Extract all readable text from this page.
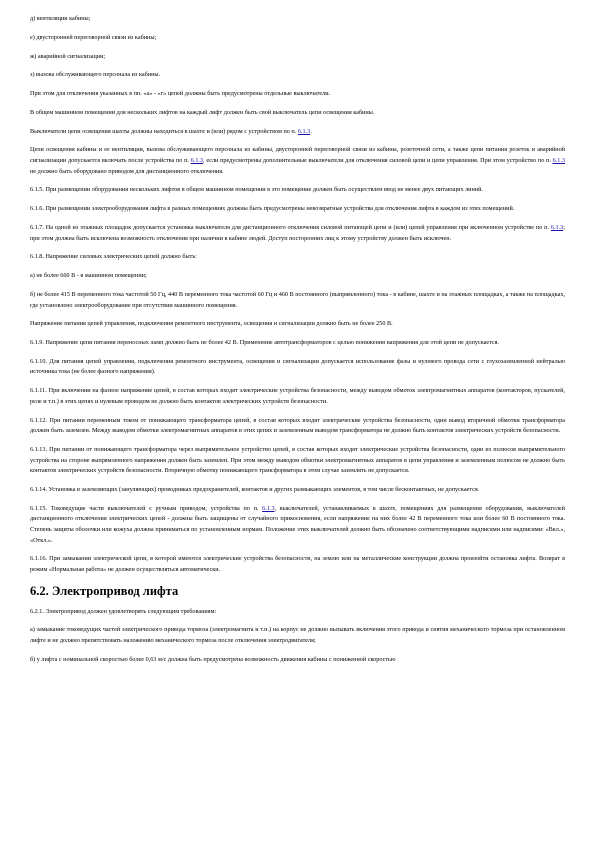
д) вентиляции кабины;

е) двусторонней переговорной связи из кабины;

ж) аварийной сигнализации;

з) вызова обслуживающего персонала из кабины.

При этом для отключения указанных в пп. «а» - «г» цепей должны быть предусмотрены отдельные выключатели.

В общем машинном помещении для нескольких лифтов на каждый лифт должен быть свой выключатель цепи освещения кабины.

Выключатели цепи освещения шахты должны находиться в шахте и (или) рядом с устройством по п. 6.1.3.

Цепи освещения кабины и ее вентиляции, вызова обслуживающего персонала из кабины, двусторонней переговорной связи из кабины, розеточной сети, а также цепи питания розеток и аварийной сигнализации допускается включать после устройства по п. 6.1.3, если предусмотрены дополнительные выключатели для отключения силовой цепи и цепи управления. При этом устройство по п. 6.1.3 не должно быть оборудовано приводом для дистанционного отключения.

6.1.5. При размещении оборудования нескольких лифтов в общем машинном помещении в это помещение должен быть осуществлен ввод не менее двух питающих линий.

6.1.6. При размещении электрооборудования лифта в разных помещениях должны быть предусмотрены невозвратные устройства для отключения лифта в каждом из этих помещений.

6.1.7. На одной из этажных площадок допускается установка выключателя для дистанционного отключения силовой питающей цепи и (или) цепей управления при включенном устройстве по п. 6.1.3; при этом должна быть исключена возможность отключения при наличии в кабине людей. Доступ посторонних лиц к этому устройству должен быть исключен.

6.1.8. Напряжение силовых электрических цепей должно быть:

а) не более 660 В - в машинном помещении;

б) не более 415 В переменного тока частотой 50 Гц, 440 В переменного тока частотой 60 Гц и 460 В постоянного (выпрямленного) тока - в кабине, шахте и на этажных площадках, а также на площадках, где установлено электрооборудование при отсутствии машинного помещения.

Напряжение питания цепей управления, подключения ремонтного инструмента, освещения и сигнализации должно быть не более 250 В.

6.1.9. Напряжение цепи питания переносных ламп должно быть не более 42 В. Применение автотрансформаторов с целью понижения напряжения для этой цепи не допускается.

6.1.10. Для питания цепей управления, подключения ремонтного инструмента, освещения и сигнализации допускается использование фазы и нулевого провода сети с глухозаземленной нейтралью источника тока (не более фазного напряжения).

6.1.11. При включении на фазное напряжение цепей, в состав которых входят электрические устройства безопасности, между выводом обмоток электромагнитных аппаратов (контакторов, пускателей, реле и т.п.) в этих цепях и нулевым проводом не должно быть контактов электрических устройств безопасности.

6.1.12. При питании переменным током от понижающего трансформатора цепей, в состав которых входят электрические устройства безопасности, один вывод вторичной обмотки трансформатора должен быть заземлен. Между выводом обмотки электромагнитных аппаратов в этих цепях и заземленным выводом трансформатора не должно быть контактов электрических устройств безопасности.

6.1.13. При питании от понижающего трансформатора через выпрямительное устройство цепей, в состав которых входят электрические устройства безопасности, один из полюсов выпрямительного устройства на стороне выпрямленного напряжения должен быть заземлен. При этом между выводом обмотки электромагнитных аппаратов в цепи управления и заземленным полюсом не должно быть контактов электрических устройств безопасности. Вторичную обмотку понижающего трансформатора в этом случае заземлять не допускается.

6.1.14. Установка в заземляющих (зануляющих) проводниках предохранителей, контактов и других размыкающих элементов, в том числе бесконтактных, не допускается.

6.1.15. Токоведущие части выключателей с ручным приводом, устройства по п. 6.1.3, выключателей, устанавливаемых в шахте, помещениях для размещения оборудования, выключателей дистанционного отключения электрических цепей - должны быть защищены от случайного прикосновения, если напряжение на них более 42 В переменного тока или более 60 В постоянного тока. Степень защиты оболочки или кожуха должна приниматься по установленным нормам. Положение этих выключателей должно быть обозначено соответствующими надписями или надписями: «Вкл.», «Откл.».

6.1.16. При замыкании электрической цепи, в которой имеются электрические устройства безопасности, на землю или на металлические конструкции должна произойти остановка лифта. Возврат в режим «Нормальная работа» не должен осуществляться автоматически.

6.2. Электропривод лифта

6.2.1. Электропривод должен удовлетворять следующим требованиям:

а) замыкание токоведущих частей электрического привода тормоза (электромагнита и т.п.) на корпус не должно вызывать включения этого привода и снятия механического тормоза при остановленном лифте и не должно препятствовать наложению механического тормоза после отключения электродвигателя;

б) у лифта с номинальной скоростью более 0,63 м/с должна быть предусмотрена возможность движения кабины с пониженной скоростью
